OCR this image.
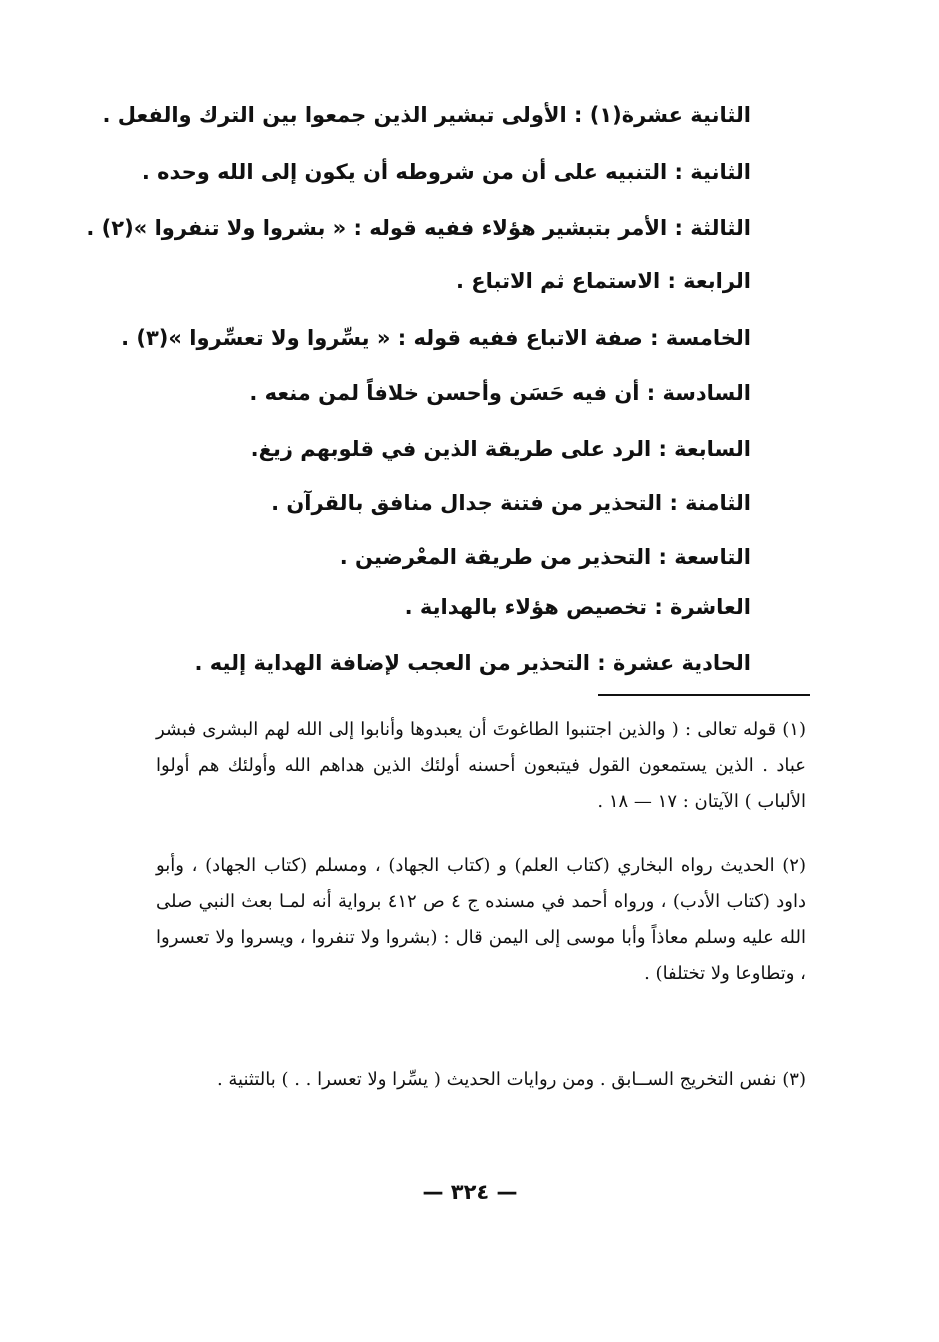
الثانية عشرة(١) : الأولى تبشير الذين جمعوا بين الترك والفعل .
الثانية : التنبيه على أن من شروطه أن يكون إلى الله وحده .
الثالثة : الأمر بتبشير هؤلاء ففيه قوله : « بشروا ولا تنفروا »(٢) .
الرابعة : الاستماع ثم الاتباع .
الخامسة : صفة الاتباع ففيه قوله : « يسِّروا ولا تعسِّروا »(٣) .
السادسة : أن فيه حَسَن وأحسن خلافاً لمن منعه .
السابعة : الرد على طريقة الذين في قلوبهم زيغ.
الثامنة : التحذير من فتنة جدال منافق بالقرآن .
التاسعة : التحذير من طريقة المعْرضين .
العاشرة : تخصيص هؤلاء بالهداية .
الحادية عشرة : التحذير من العجب لإضافة الهداية إليه .
(١) قوله تعالى : ( والذين اجتنبوا الطاغوتَ أن يعبدوها وأنابوا إلى الله لهم البشرى فبشر عباد . الذين يستمعون القول فيتبعون أحسنه أولئك الذين هداهم الله وأولئك هم أولوا الألباب ) الآيتان : ١٧ — ١٨ .
(٢) الحديث رواه البخاري (كتاب العلم) و (كتاب الجهاد) ، ومسلم (كتاب الجهاد) ، وأبو داود (كتاب الأدب) ، ورواه أحمد في مسنده ج ٤ ص ٤١٢ برواية أنه لمـا بعث النبي صلى الله عليه وسلم معاذاً وأبا موسى إلى اليمن قال : (بشروا ولا تنفروا ، ويسروا ولا تعسروا ، وتطاوعا ولا تختلفا) .
(٣) نفس التخريج الســابق . ومن روايات الحديث ( يسِّرا ولا تعسرا . . ) بالتثنية .
— ٣٢٤ —
